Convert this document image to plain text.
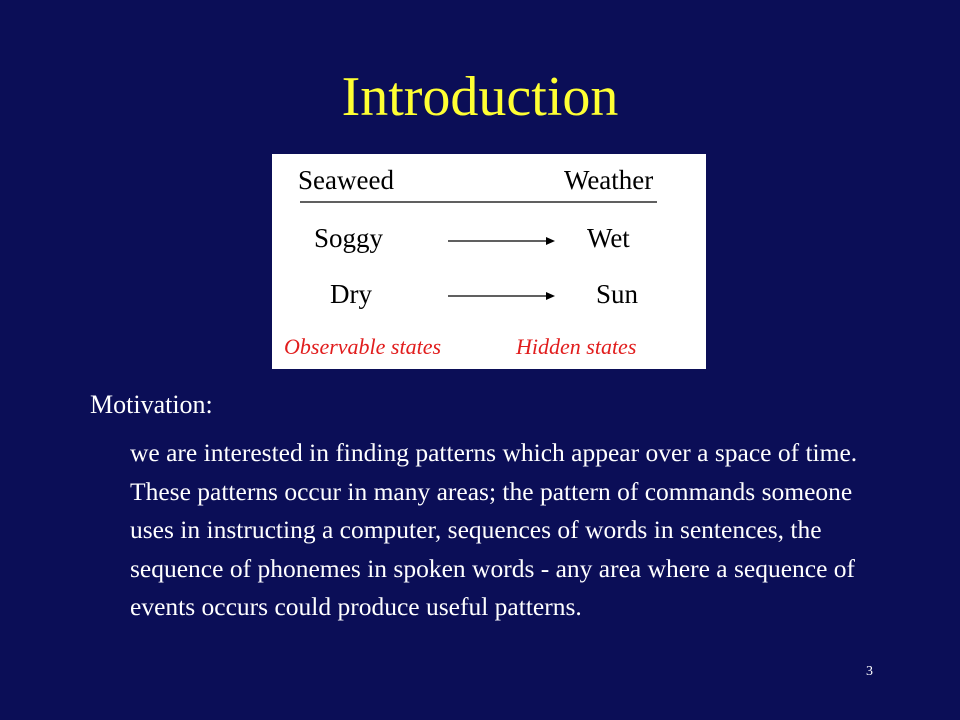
Introduction
Seaweed	Weather
Soggy	Wet
Dry	Sun
Observable states	Hidden states
Motivation:
we are interested in finding patterns which appear over a space of time. These patterns occur in many areas; the pattern of commands someone uses in instructing a computer, sequences of words in sentences, the sequence of phonemes in spoken words - any area where a sequence of events occurs could produce useful patterns.
3
